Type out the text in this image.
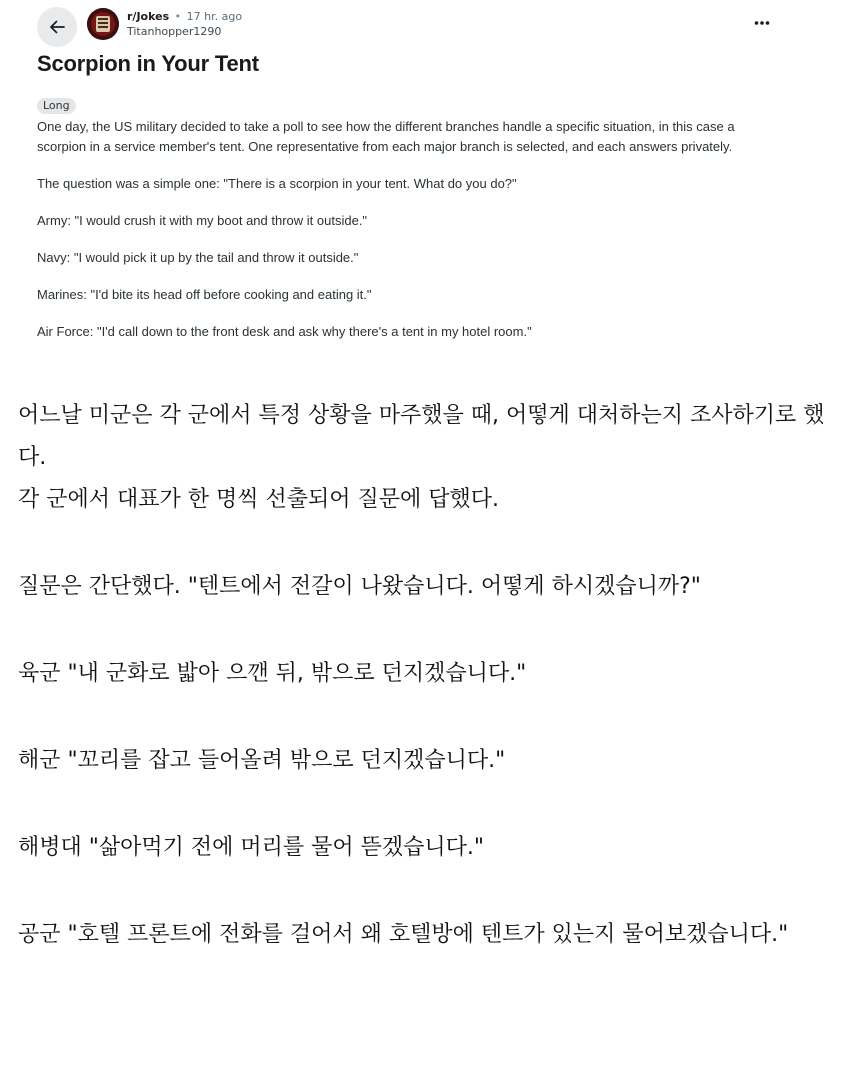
r/Jokes • 17 hr. ago
Titanhopper1290
Scorpion in Your Tent
Long

One day, the US military decided to take a poll to see how the different branches handle a specific situation, in this case a scorpion in a service member's tent. One representative from each major branch is selected, and each answers privately.

The question was a simple one: "There is a scorpion in your tent. What do you do?"

Army: "I would crush it with my boot and throw it outside."

Navy: "I would pick it up by the tail and throw it outside."

Marines: "I'd bite its head off before cooking and eating it."

Air Force: "I'd call down to the front desk and ask why there's a tent in my hotel room."

어느날 미군은 각 군에서 특정 상황을 마주했을 때, 어떻게 대처하는지 조사하기로 했다.

각 군에서 대표가 한 명씩 선출되어 질문에 답했다.

질문은 간단했다. "텐트에서 전갈이 나왔습니다. 어떻게 하시겠습니까?"

육군 "내 군화로 밟아 으깬 뒤, 밖으로 던지겠습니다."

해군 "꼬리를 잡고 들어올려 밖으로 던지겠습니다."

해병대 "삶아먹기 전에 머리를 물어 뜯겠습니다."

공군 "호텔 프론트에 전화를 걸어서 왜 호텔방에 텐트가 있는지 물어보겠습니다."
